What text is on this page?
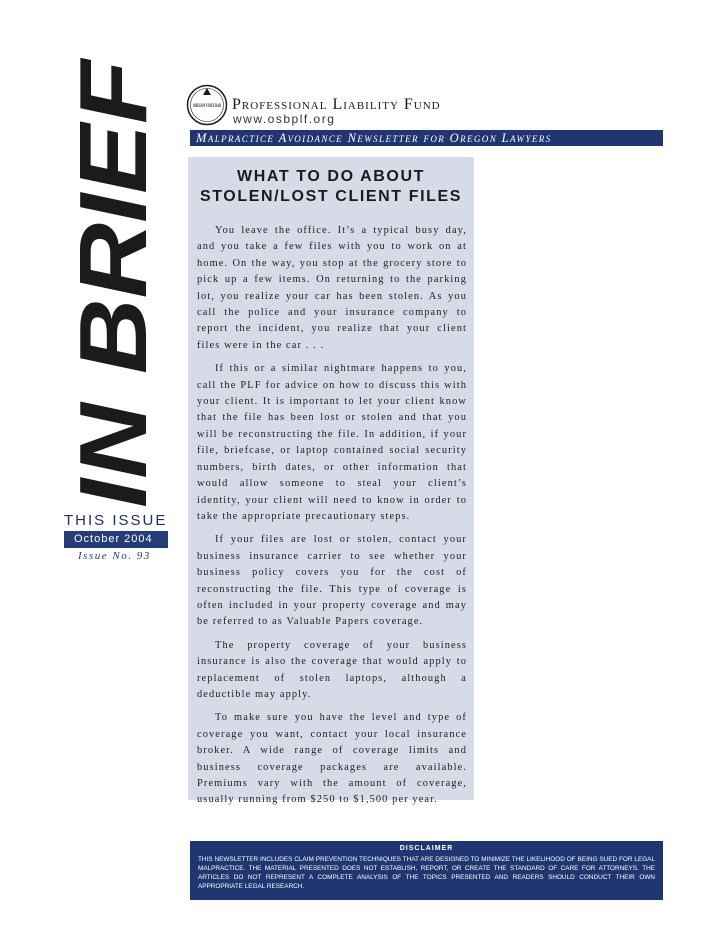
IN BRIEF
THIS ISSUE
October 2004
Issue No. 93
OREGON STATE BAR Professional Liability Fund
www.osbplf.org
Malpractice Avoidance Newsletter for Oregon Lawyers
WHAT TO DO ABOUT
STOLEN/LOST CLIENT FILES

You leave the office. It’s a typical busy day, and you take a few files with you to work on at home. On the way, you stop at the grocery store to pick up a few items. On returning to the parking lot, you realize your car has been stolen. As you call the police and your insurance company to report the incident, you realize that your client files were in the car . . .

If this or a similar nightmare happens to you, call the PLF for advice on how to discuss this with your client. It is important to let your client know that the file has been lost or stolen and that you will be reconstructing the file. In addition, if your file, briefcase, or laptop contained social security numbers, birth dates, or other information that would allow someone to steal your client’s identity, your client will need to know in order to take the appropriate precautionary steps.

If your files are lost or stolen, contact your business insurance carrier to see whether your business policy covers you for the cost of reconstructing the file. This type of coverage is often included in your property coverage and may be referred to as Valuable Papers coverage.

The property coverage of your business insurance is also the coverage that would apply to replacement of stolen laptops, although a deductible may apply.

To make sure you have the level and type of coverage you want, contact your local insurance broker. A wide range of coverage limits and business coverage packages are available. Premiums vary with the amount of coverage, usually running from $250 to $1,500 per year.

DISCLAIMER
THIS NEWSLETTER INCLUDES CLAIM PREVENTION TECHNIQUES THAT ARE DESIGNED TO MINIMIZE THE LIKELIHOOD OF BEING SUED FOR LEGAL MALPRACTICE. THE MATERIAL PRESENTED DOES NOT ESTABLISH, REPORT, OR CREATE THE STANDARD OF CARE FOR ATTORNEYS. THE ARTICLES DO NOT REPRESENT A COMPLETE ANALYSIS OF THE TOPICS PRESENTED AND READERS SHOULD CONDUCT THEIR OWN APPROPRIATE LEGAL RESEARCH.
